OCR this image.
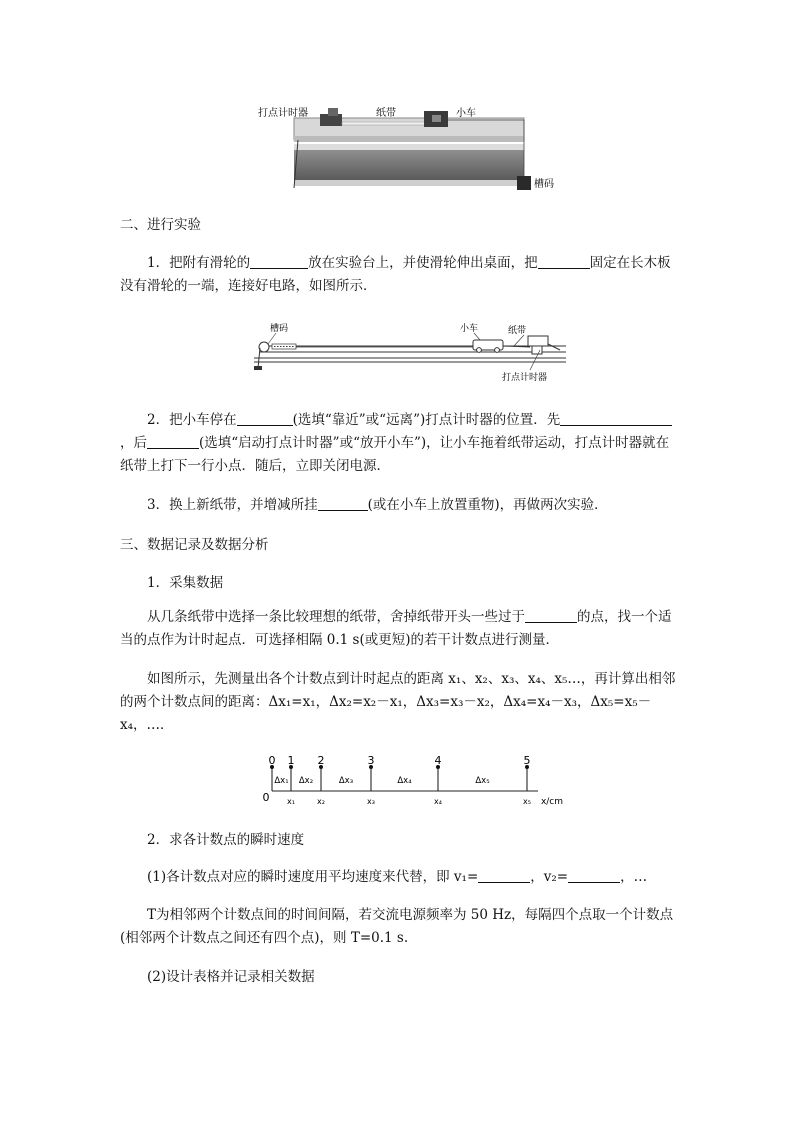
打点计时器	纸带	小车
槽码
二、进行实验
1．把附有滑轮的	放在实验台上，并使滑轮伸出桌面，把	固定在长木板没有滑轮的一端，连接好电路，如图所示．
槽码	小车	纸带
打点计时器
2．把小车停在	(选填“靠近”或“远离”)打点计时器的位置．先，后	(选填“启动打点计时器”或“放开小车”)，让小车拖着纸带运动，打点计时器就在纸带上打下一行小点．随后，立即关闭电源．
3．换上新纸带，并增减所挂	(或在小车上放置重物)，再做两次实验．
三、数据记录及数据分析
1．采集数据
从几条纸带中选择一条比较理想的纸带，舍掉纸带开头一些过于	的点，找一个适当的点作为计时起点．可选择相隔 0.1 s(或更短)的若干计数点进行测量．
如图所示，先测量出各个计数点到计时起点的距离 x₁、x₂、x₃、x₄、x₅…，再计算出相邻的两个计数点间的距离：Δx₁=x₁，Δx₂=x₂－x₁，Δx₃=x₃－x₂，Δx₄=x₄－x₃，Δx₅=x₅－x₄，…．
0 1
x₁
2
x₂
3
x₃
4
x₄
5
x₅
Δx₁ Δx₂	Δx₃	Δx₄	Δx₅
0	x/cm
2．求各计数点的瞬时速度
(1)各计数点对应的瞬时速度用平均速度来代替，即 v₁=	，v₂=	，…
T为相邻两个计数点间的时间间隔，若交流电源频率为 50 Hz，每隔四个点取一个计数点(相邻两个计数点之间还有四个点)，则 T=0.1 s.
(2)设计表格并记录相关数据
